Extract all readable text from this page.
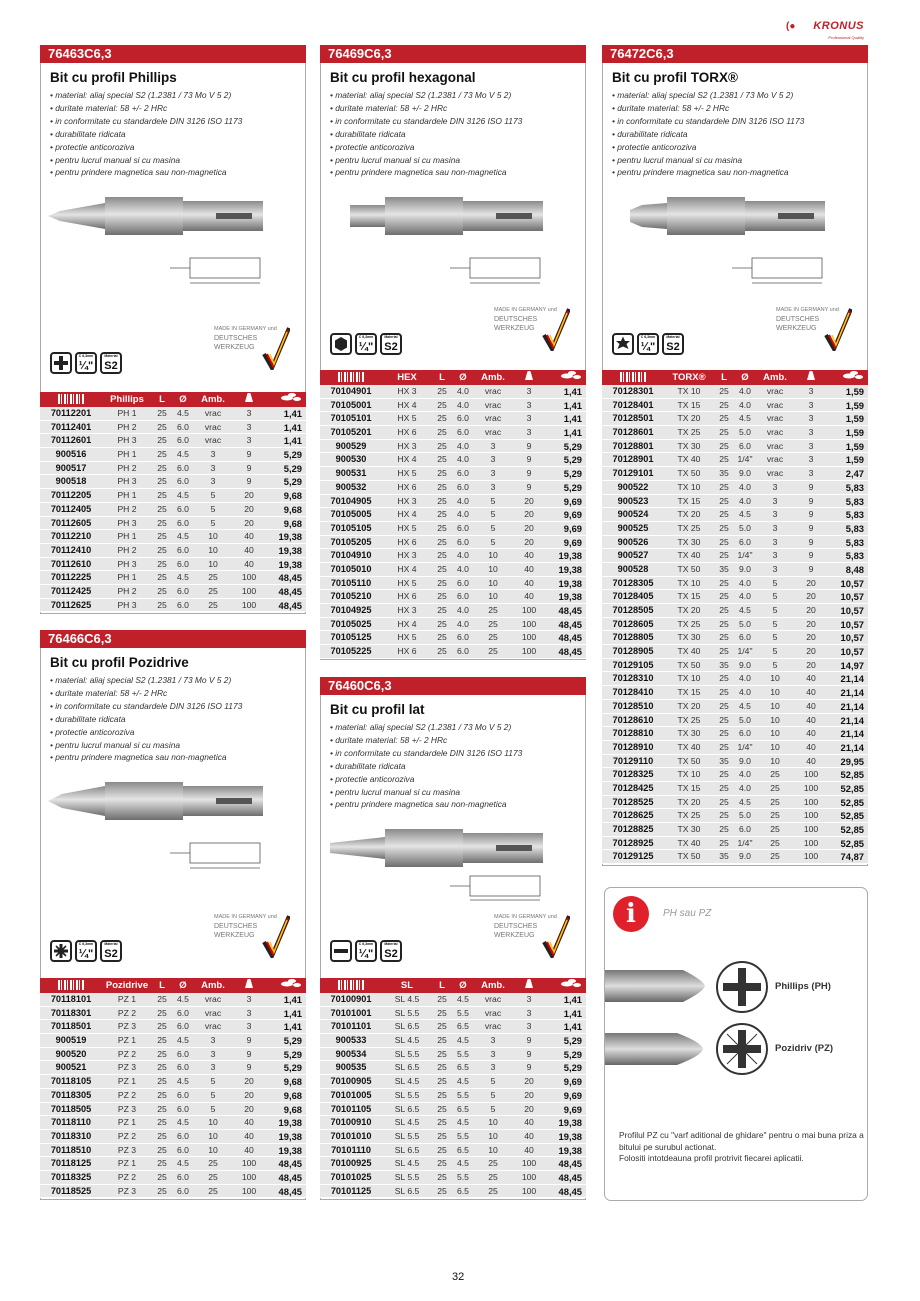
(● KRONUS
Professional Quality
76463C6,3
Bit cu profil Phillips
• material: aliaj special S2 (1.2381 / 73 Mo V 5 2)
• duritate material: 58 +/- 2 HRc
• in conformitate cu standardele DIN 3126 ISO 1173
• durabilitate ridicata
• protectie anticoroziva
• pentru lucrul manual si cu masina
• pentru prindere magnetica sau non-magnetica
C 6,3mm
¼"
Material
S2
MADE IN GERMANY und
DEUTSCHES
WERKZEUG
Phillips	L	Ø	Amb.
70112201	PH 1	25	4.5	vrac	3	1,41
70112401	PH 2	25	6.0	vrac	3	1,41
70112601	PH 3	25	6.0	vrac	3	1,41
900516	PH 1	25	4.5	3	9	5,29
900517	PH 2	25	6.0	3	9	5,29
900518	PH 3	25	6.0	3	9	5,29
70112205	PH 1	25	4.5	5	20	9,68
70112405	PH 2	25	6.0	5	20	9,68
70112605	PH 3	25	6.0	5	20	9,68
70112210	PH 1	25	4.5	10	40	19,38
70112410	PH 2	25	6.0	10	40	19,38
70112610	PH 3	25	6.0	10	40	19,38
70112225	PH 1	25	4.5	25	100	48,45
70112425	PH 2	25	6.0	25	100	48,45
70112625	PH 3	25	6.0	25	100	48,45
76466C6,3
Bit cu profil Pozidrive
• material: aliaj special S2 (1.2381 / 73 Mo V 5 2)
• duritate material: 58 +/- 2 HRc
• in conformitate cu standardele DIN 3126 ISO 1173
• durabilitate ridicata
• protectie anticoroziva
• pentru lucrul manual si cu masina
• pentru prindere magnetica sau non-magnetica
C 6,3mm
¼"
Material
S2
MADE IN GERMANY und
DEUTSCHES
WERKZEUG
Pozidrive	L	Ø	Amb.
70118101	PZ 1	25	4.5	vrac	3	1,41
70118301	PZ 2	25	6.0	vrac	3	1,41
70118501	PZ 3	25	6.0	vrac	3	1,41
900519	PZ 1	25	4.5	3	9	5,29
900520	PZ 2	25	6.0	3	9	5,29
900521	PZ 3	25	6.0	3	9	5,29
70118105	PZ 1	25	4.5	5	20	9,68
70118305	PZ 2	25	6.0	5	20	9,68
70118505	PZ 3	25	6.0	5	20	9,68
70118110	PZ 1	25	4.5	10	40	19,38
70118310	PZ 2	25	6.0	10	40	19,38
70118510	PZ 3	25	6.0	10	40	19,38
70118125	PZ 1	25	4.5	25	100	48,45
70118325	PZ 2	25	6.0	25	100	48,45
70118525	PZ 3	25	6.0	25	100	48,45
76469C6,3
Bit cu profil hexagonal
• material: aliaj special S2 (1.2381 / 73 Mo V 5 2)
• duritate material: 58 +/- 2 HRc
• in conformitate cu standardele DIN 3126 ISO 1173
• durabilitate ridicata
• protectie anticoroziva
• pentru lucrul manual si cu masina
• pentru prindere magnetica sau non-magnetica
C 6,3mm
¼"
Material
S2
MADE IN GERMANY und
DEUTSCHES
WERKZEUG
HEX	L	Ø	Amb.
70104901	HX 3	25	4.0	vrac	3	1,41
70105001	HX 4	25	4.0	vrac	3	1,41
70105101	HX 5	25	6.0	vrac	3	1,41
70105201	HX 6	25	6.0	vrac	3	1,41
900529	HX 3	25	4.0	3	9	5,29
900530	HX 4	25	4.0	3	9	5,29
900531	HX 5	25	6.0	3	9	5,29
900532	HX 6	25	6.0	3	9	5,29
70104905	HX 3	25	4.0	5	20	9,69
70105005	HX 4	25	4.0	5	20	9,69
70105105	HX 5	25	6.0	5	20	9,69
70105205	HX 6	25	6.0	5	20	9,69
70104910	HX 3	25	4.0	10	40	19,38
70105010	HX 4	25	4.0	10	40	19,38
70105110	HX 5	25	6.0	10	40	19,38
70105210	HX 6	25	6.0	10	40	19,38
70104925	HX 3	25	4.0	25	100	48,45
70105025	HX 4	25	4.0	25	100	48,45
70105125	HX 5	25	6.0	25	100	48,45
70105225	HX 6	25	6.0	25	100	48,45
76460C6,3
Bit cu profil lat
• material: aliaj special S2 (1.2381 / 73 Mo V 5 2)
• duritate material: 58 +/- 2 HRc
• in conformitate cu standardele DIN 3126 ISO 1173
• durabilitate ridicata
• protectie anticoroziva
• pentru lucrul manual si cu masina
• pentru prindere magnetica sau non-magnetica
C 6,3mm
¼"
Material
S2
MADE IN GERMANY und
DEUTSCHES
WERKZEUG
SL	L	Ø	Amb.
70100901	SL 4.5	25	4.5	vrac	3	1,41
70101001	SL 5.5	25	5.5	vrac	3	1,41
70101101	SL 6.5	25	6.5	vrac	3	1,41
900533	SL 4.5	25	4.5	3	9	5,29
900534	SL 5.5	25	5.5	3	9	5,29
900535	SL 6.5	25	6.5	3	9	5,29
70100905	SL 4.5	25	4.5	5	20	9,69
70101005	SL 5.5	25	5.5	5	20	9,69
70101105	SL 6.5	25	6.5	5	20	9,69
70100910	SL 4.5	25	4.5	10	40	19,38
70101010	SL 5.5	25	5.5	10	40	19,38
70101110	SL 6.5	25	6.5	10	40	19,38
70100925	SL 4.5	25	4.5	25	100	48,45
70101025	SL 5.5	25	5.5	25	100	48,45
70101125	SL 6.5	25	6.5	25	100	48,45
76472C6,3
Bit cu profil TORX®
• material: aliaj special S2 (1.2381 / 73 Mo V 5 2)
• duritate material: 58 +/- 2 HRc
• in conformitate cu standardele DIN 3126 ISO 1173
• durabilitate ridicata
• protectie anticoroziva
• pentru lucrul manual si cu masina
• pentru prindere magnetica sau non-magnetica
C 6,3mm
¼"
Material
S2
MADE IN GERMANY und
DEUTSCHES
WERKZEUG
TORX®	L	Ø	Amb.
70128301	TX 10	25	4.0	vrac	3	1,59
70128401	TX 15	25	4.0	vrac	3	1,59
70128501	TX 20	25	4.5	vrac	3	1,59
70128601	TX 25	25	5.0	vrac	3	1,59
70128801	TX 30	25	6.0	vrac	3	1,59
70128901	TX 40	25	1/4"	vrac	3	1,59
70129101	TX 50	35	9.0	vrac	3	2,47
900522	TX 10	25	4.0	3	9	5,83
900523	TX 15	25	4.0	3	9	5,83
900524	TX 20	25	4.5	3	9	5,83
900525	TX 25	25	5.0	3	9	5,83
900526	TX 30	25	6.0	3	9	5,83
900527	TX 40	25	1/4"	3	9	5,83
900528	TX 50	35	9.0	3	9	8,48
70128305	TX 10	25	4.0	5	20	10,57
70128405	TX 15	25	4.0	5	20	10,57
70128505	TX 20	25	4.5	5	20	10,57
70128605	TX 25	25	5.0	5	20	10,57
70128805	TX 30	25	6.0	5	20	10,57
70128905	TX 40	25	1/4"	5	20	10,57
70129105	TX 50	35	9.0	5	20	14,97
70128310	TX 10	25	4.0	10	40	21,14
70128410	TX 15	25	4.0	10	40	21,14
70128510	TX 20	25	4.5	10	40	21,14
70128610	TX 25	25	5.0	10	40	21,14
70128810	TX 30	25	6.0	10	40	21,14
70128910	TX 40	25	1/4"	10	40	21,14
70129110	TX 50	35	9.0	10	40	29,95
70128325	TX 10	25	4.0	25	100	52,85
70128425	TX 15	25	4.0	25	100	52,85
70128525	TX 20	25	4.5	25	100	52,85
70128625	TX 25	25	5.0	25	100	52,85
70128825	TX 30	25	6.0	25	100	52,85
70128925	TX 40	25	1/4"	25	100	52,85
70129125	TX 50	35	9.0	25	100	74,87
i	PH sau PZ
Phillips (PH)
Pozidriv (PZ)
Profilul PZ cu "varf aditional de ghidare" pentru o mai buna priza a bitului pe surubul actionat.
Folositi intotdeauna profil protrivit fiecarei aplicatii.
32
